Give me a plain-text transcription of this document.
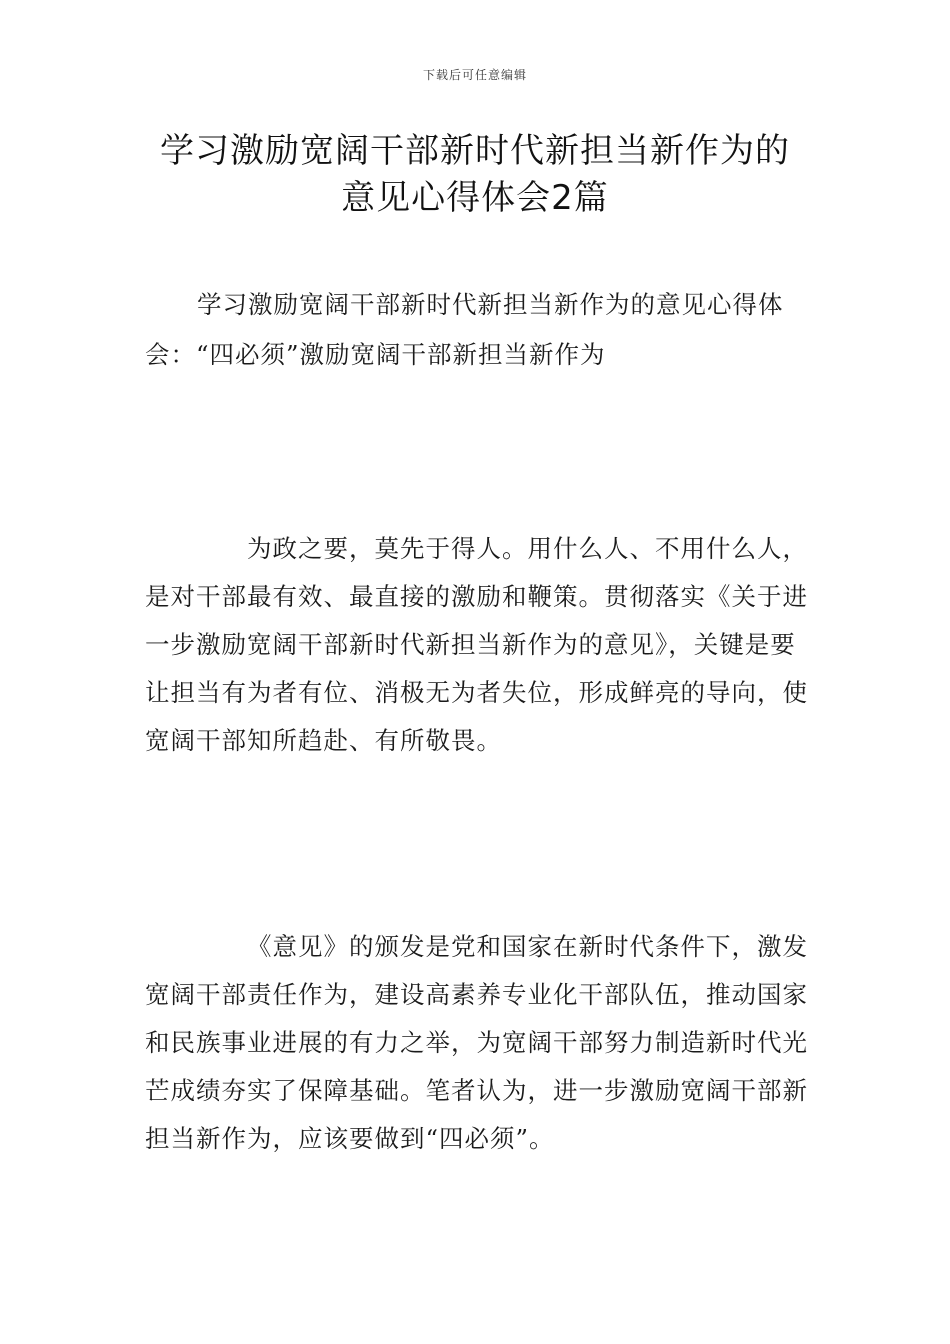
下载后可任意编辑
学习激励宽阔干部新时代新担当新作为的
意见心得体会2篇

学习激励宽阔干部新时代新担当新作为的意见心得体会：“四必须”激励宽阔干部新担当新作为

为政之要，莫先于得人。用什么人、不用什么人，是对干部最有效、最直接的激励和鞭策。贯彻落实《关于进一步激励宽阔干部新时代新担当新作为的意见》，关键是要让担当有为者有位、消极无为者失位，形成鲜亮的导向，使宽阔干部知所趋赴、有所敬畏。

《意见》的颁发是党和国家在新时代条件下，激发宽阔干部责任作为，建设高素养专业化干部队伍，推动国家和民族事业进展的有力之举，为宽阔干部努力制造新时代光芒成绩夯实了保障基础。笔者认为，进一步激励宽阔干部新担当新作为，应该要做到“四必须”。
